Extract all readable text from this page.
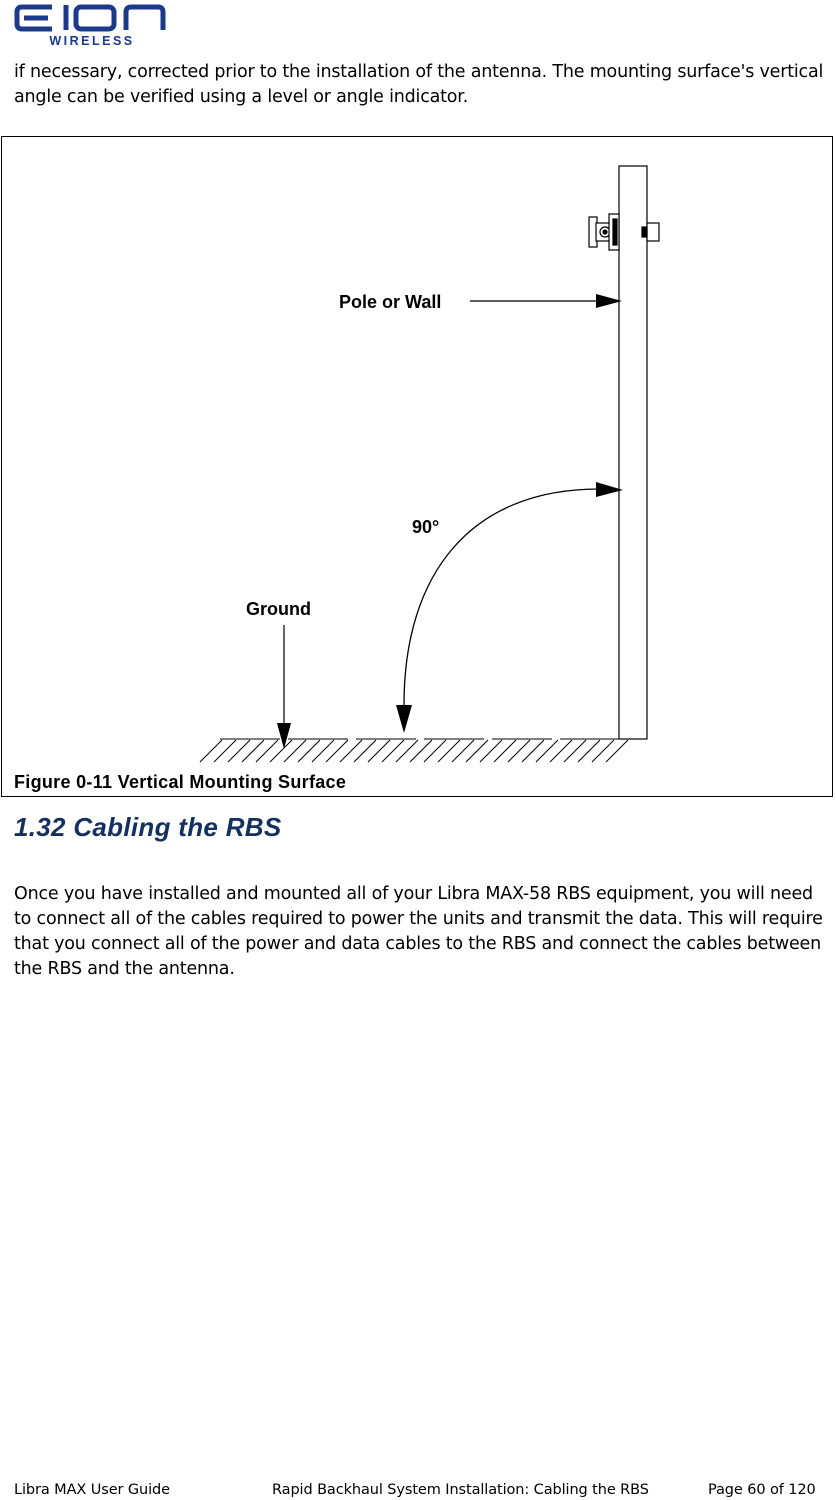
WIRELESS
if necessary, corrected prior to the installation of the antenna. The mounting surface's vertical angle can be verified using a level or angle indicator.
Pole or Wall
90°
Ground
Figure 0-11 Vertical Mounting Surface
1.32 Cabling the RBS
Once you have installed and mounted all of your Libra MAX-58 RBS equipment, you will need to connect all of the cables required to power the units and transmit the data. This will require that you connect all of the power and data cables to the RBS and connect the cables between the RBS and the antenna.
Libra MAX User Guide	Rapid Backhaul System Installation: Cabling the RBS	Page 60 of 120
